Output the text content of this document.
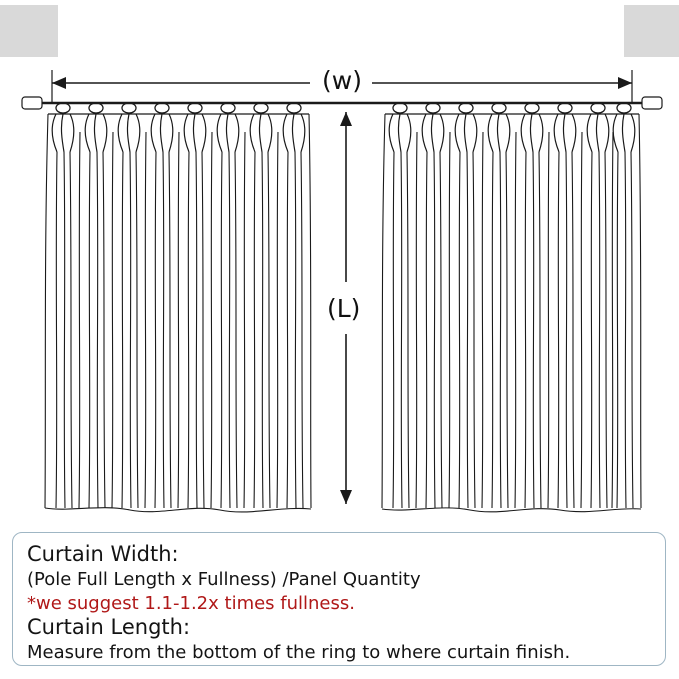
(w)
(L)
Curtain Width:
(Pole Full Length x Fullness) /Panel Quantity
*we suggest 1.1-1.2x times fullness.
Curtain Length:
Measure from the bottom of the ring to where curtain finish.
